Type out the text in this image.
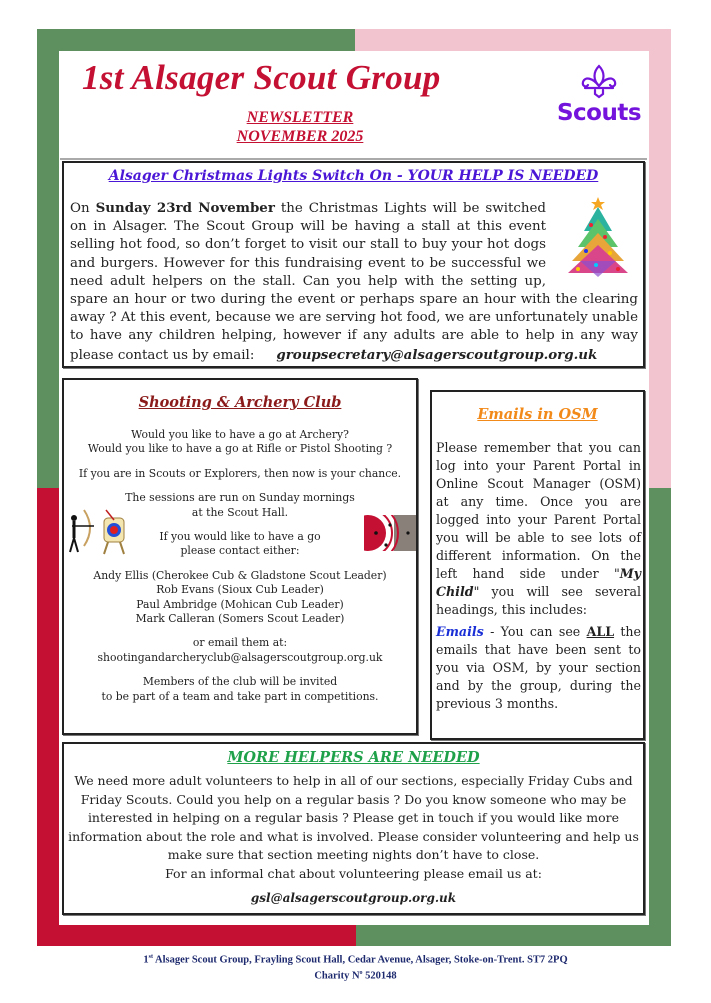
1st Alsager Scout Group
NEWSLETTER
NOVEMBER 2025
Scouts
Alsager Christmas Lights Switch On - YOUR HELP IS NEEDED
On Sunday 23rd November the Christmas Lights will be switched on in Alsager. The Scout Group will be having a stall at this event selling hot food, so don’t forget to visit our stall to buy your hot dogs and burgers. However for this fundraising event to be successful we need adult helpers on the stall. Can you help with the setting up, spare an hour or two during the event or perhaps spare an hour with the clearing away ? At this event, because we are serving hot food, we are unfortunately unable to have any children helping, however if any adults are able to help in any way please contact us by email: groupsecretary@alsagerscoutgroup.org.uk
Shooting & Archery Club

Would you like to have a go at Archery?
Would you like to have a go at Rifle or Pistol Shooting ?

If you are in Scouts or Explorers, then now is your chance.

The sessions are run on Sunday mornings
at the Scout Hall.

If you would like to have a go
please contact either:

Andy Ellis (Cherokee Cub & Gladstone Scout Leader)
Rob Evans (Sioux Cub Leader)
Paul Ambridge (Mohican Cub Leader)
Mark Calleran (Somers Scout Leader)

or email them at:
shootingandarcheryclub@alsagerscoutgroup.org.uk

Members of the club will be invited
to be part of a team and take part in competitions.

Emails in OSM

Please remember that you can log into your Parent Portal in Online Scout Manager (OSM) at any time. Once you are logged into your Parent Portal you will be able to see lots of different information. On the left hand side under "My Child" you will see several headings, this includes:

Emails - You can see ALL the emails that have been sent to you via OSM, by your section and by the group, during the previous 3 months.

MORE HELPERS ARE NEEDED
We need more adult volunteers to help in all of our sections, especially Friday Cubs and Friday Scouts. Could you help on a regular basis ? Do you know someone who may be interested in helping on a regular basis ? Please get in touch if you would like more information about the role and what is involved. Please consider volunteering and help us make sure that section meeting nights don’t have to close.
For an informal chat about volunteering please email us at:
gsl@alsagerscoutgroup.org.uk
1st Alsager Scout Group, Frayling Scout Hall, Cedar Avenue, Alsager, Stoke-on-Trent. ST7 2PQ
Charity $N^o$ 520148
